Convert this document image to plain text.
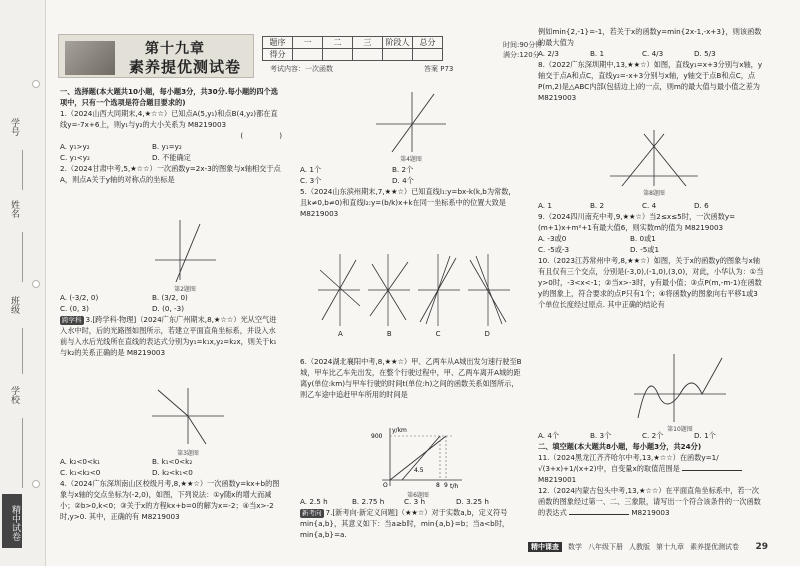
学号
姓名
班级
学校
精中试卷
第十九章
素养提优测试卷
题序	一	二	三	阶段人	总分
得分					
考试内容：一次函数	答案 P73
时间:90分钟
满分:120分

一、选择题(本大题共10小题，每小题3分，共30分.每小题的四个选项中，只有一个选项是符合题目要求的)

1.（2024山西大同期末,4,★☆☆）已知点A(5,y₁)和点B(4,y₂)都在直线y=-7x+6上，则y₁与y₂的大小关系为 M8219003

(	)

A. y₁>y₂	B. y₁=y₂
C. y₁<y₂	D. 不能确定

2.（2024甘肃中考,5,★☆☆）一次函数y=2x-3的图象与x轴相交于点A，则点A关于y轴的对称点的坐标是

第2题图

A. (-3/2, 0)	B. (3/2, 0)
C. (0, 3)	D. (0, -3)

跨学科 3.[跨学科·物理]（2024广东广州期末,8,★☆☆）光从空气进入水中时，后的光路图如图所示，若建立平面直角坐标系，并设入水前与入水后光线所在直线的表达式分别为y₁=k₁x,y₂=k₂x，则关于k₁与k₂的关系正确的是 M8219003

第3题图

A. k₂<0<k₁	B. k₁<0<k₂
C. k₁<k₂<0	D. k₂<k₁<0

4.（2024广东深圳南山区校级月考,8,★★☆）一次函数y=kx+b的图象与x轴的交点坐标为(-2,0)，如图，下列说法：①y随x的增大而减小；②b>0,k<0；③关于x的方程kx+b=0的解为x=-2；④当x>-2时,y>0. 其中，正确的有 M8219003

第4题图

A. 1个	B. 2个
C. 3个	D. 4个

5.（2024山东滨州期末,7,★★☆）已知直线l₁:y=bx-k(k,b为常数，且k≠0,b≠0)和直线l₂:y=(b/k)x+k在同一坐标系中的位置大致是 M8219003

A	B	C	D

6.（2024湖北襄阳中考,8,★★☆）甲、乙两车从A城出发匀速行驶至B城，甲车比乙车先出发，在整个行驶过程中，甲、乙两车离开A城的距离y(单位:km)与甲车行驶的时间t(单位:h)之间的函数关系如图所示，则乙车途中追赶甲车所用的时间是

y/km
t/h
900
8 9
4.5
O
第6题图

A. 2.5 h	B. 2.75 h	C. 3 h	D. 3.25 h

新考向 7.[新考向·新定义问题]（★★☆）对于实数a,b，定义符号min{a,b}，其意义如下：当a≥b时，min{a,b}=b；当a<b时，min{a,b}=a.

例如min{2,-1}=-1，若关于x的函数y=min{2x-1,-x+3}，则该函数的最大值为

A. 2/3	B. 1	C. 4/3	D. 5/3

8.（2022广东深圳期中,13,★★☆）如图，直线y₁=x+3分别与x轴，y轴交于点A和点C，直线y₂=-x+3分别与x轴，y轴交于点B和点C，点P(m,2)是△ABC内部(包括边上)的一点，则m的最大值与最小值之差为 M8219003

第8题图

A. 1	B. 2	C. 4	D. 6

9.（2024四川南充中考,9,★★☆）当2≤x≤5时，一次函数y=(m+1)x+m²+1有最大值6，则实数m的值为 M8219003

A. -3或0	B. 0或1
C. -5或-3	D. -5或1

10.（2023江苏常州中考,8,★★☆）如图，关于x的函数y的图象与x轴有且仅有三个交点，分别是(-3,0),(-1,0),(3,0)，对此，小华认为：①当y>0时，-3<x<-1；②当x>-3时，y有最小值；③点P(m,-m-1)在函数y的图象上，符合要求的点P只有1个；④将函数y的图象向右平移1或3个单位长度经过原点. 其中正确的结论有

第10题图

A. 4个	B. 3个	C. 2个	D. 1个

二、填空题(本大题共8小题，每小题3分，共24分)

11.（2024黑龙江齐齐哈尔中考,13,★☆☆）在函数y=1/√(3+x)+1/(x+2)中，自变量x的取值范围是  M8219001

12.（2024内蒙古包头中考,13,★☆☆）在平面直角坐标系中，若一次函数的图象经过第一、二、三象限，请写出一个符合该条件的一次函数的表达式	M8219003

精中课查	数学 八年级下册 人教版 第十九章 素养提优测试卷 29
